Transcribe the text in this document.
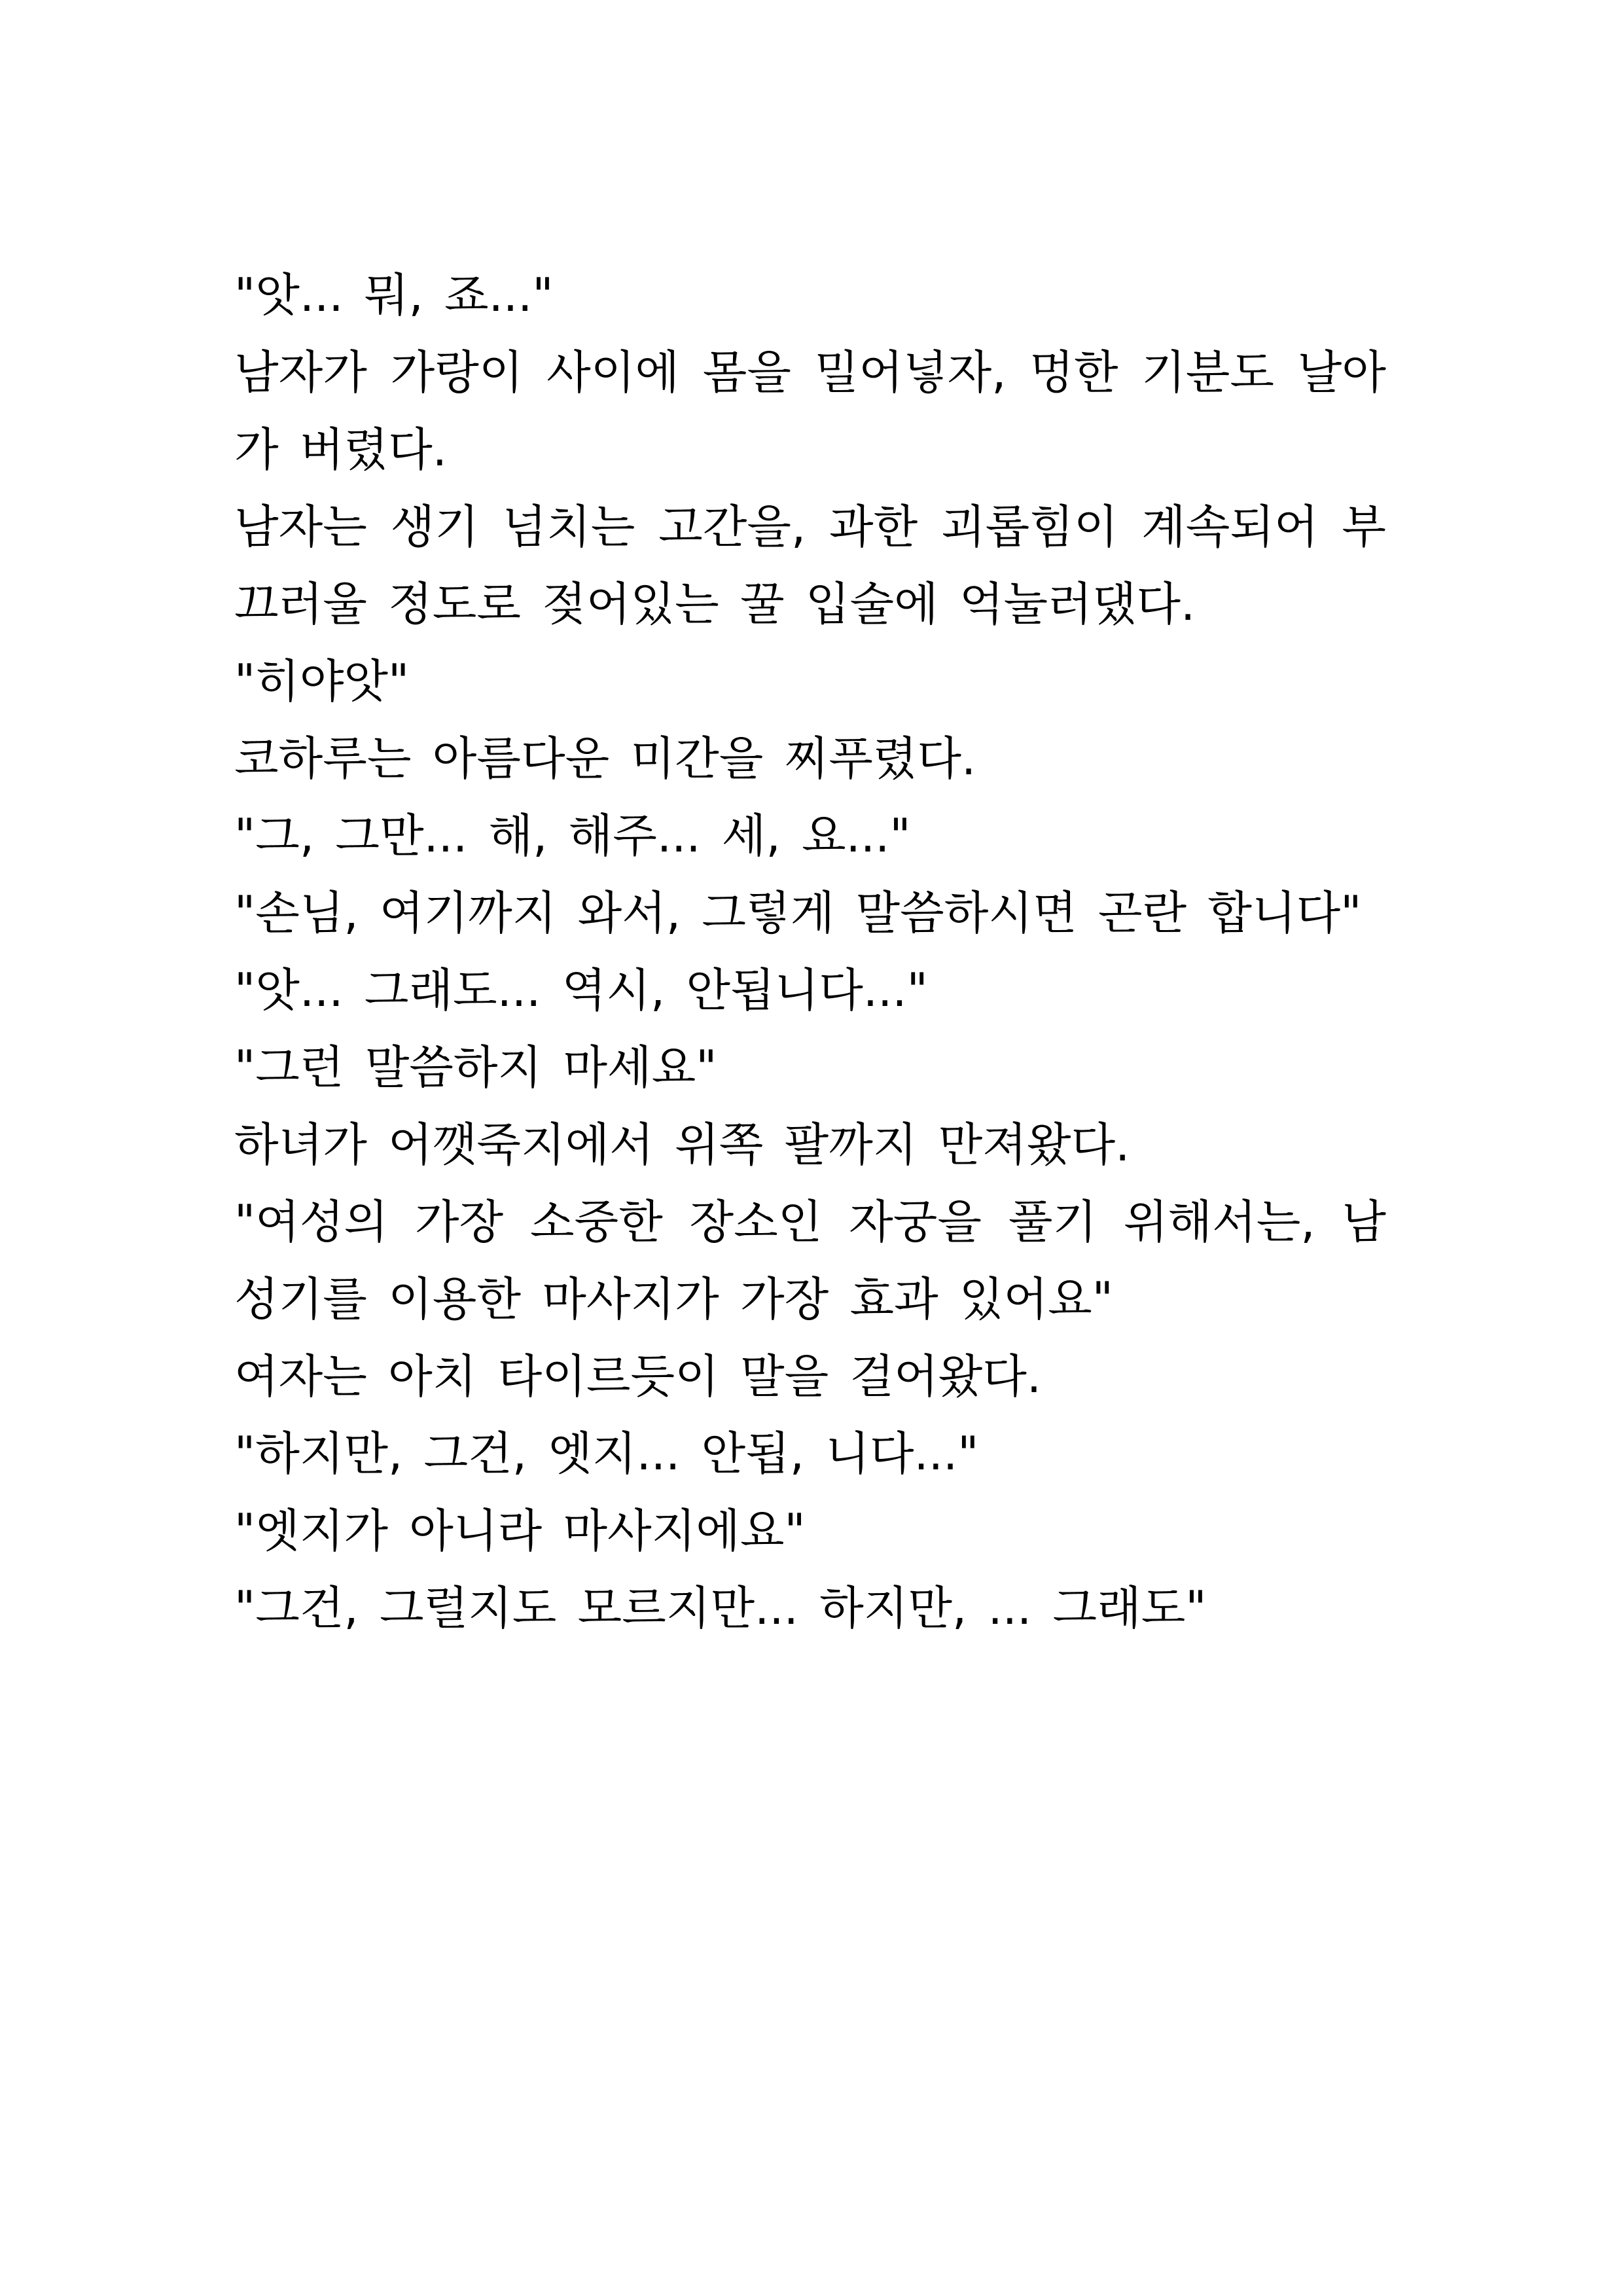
"앗... 뭐, 죠..."

남자가 가랑이 사이에 몸을 밀어넣자, 멍한 기분도 날아가 버렸다.

남자는 생기 넘치는 고간을, 과한 괴롭힘이 계속되어 부끄러울 정도로 젖어있는 꿀 입술에 억눌러댔다.

"히야앗"

코하루는 아름다운 미간을 찌푸렸다.

"그, 그만... 해, 해주... 세, 요..."

"손님, 여기까지 와서, 그렇게 말씀하시면 곤란 합니다"

"앗... 그래도... 역시, 안됩니다..."

"그런 말씀하지 마세요"

하녀가 어깻죽지에서 위쪽 팔까지 만져왔다.

"여성의 가장 소중한 장소인 자궁을 풀기 위해서는, 남성기를 이용한 마사지가 가장 효과 있어요"

여자는 아치 타이르듯이 말을 걸어왔다.

"하지만, 그건, 엣지... 안됩, 니다..."

"엣지가 아니라 마사지에요"

"그건, 그럴지도 모르지만... 하지만, ... 그래도"
